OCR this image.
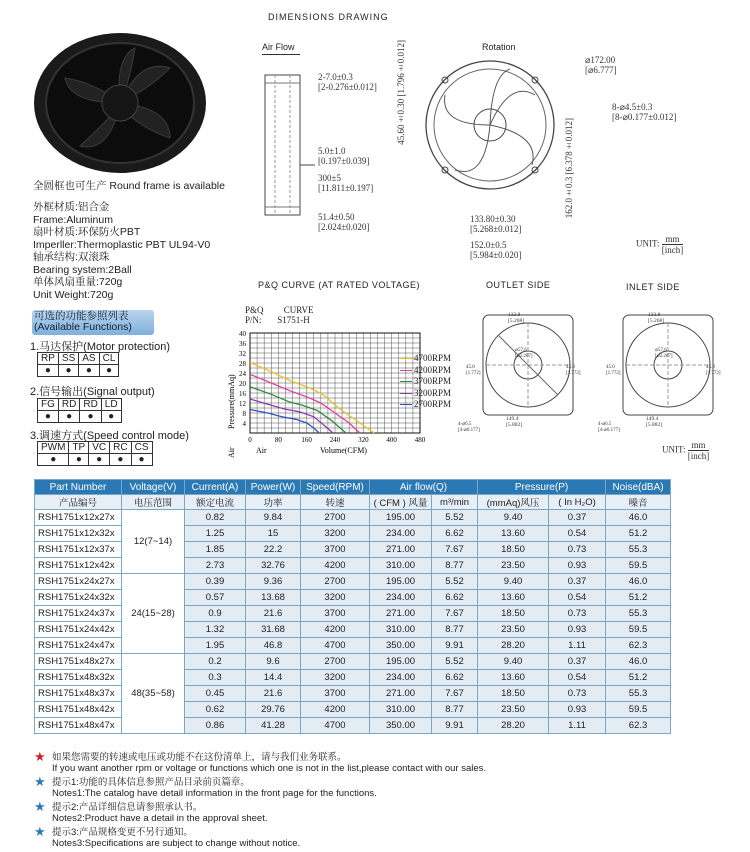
全圆框也可生产 Round frame is available
外框材质:铝合金
Frame:Aluminum
扇叶材质:环保防火PBT
Imperller:Thermoplastic PBT UL94-V0
轴承结构:双滚珠
Bearing system:2Ball
单体风扇重量:720g
Unit Weight:720g
可选的功能参照列表
(Available Functions)
1.马达保护(Motor protection)
RP	SS	AS	CL
●	●	●	●
2.信号输出(Signal output)
FG	RD	RD	LD
●	●	●	●
3.调速方式(Speed control mode)
PWM	TP	VC	RC	CS
●	●	●	●	●
DIMENSIONS DRAWING
Air Flow	Rotation
2-7.0±0.3
[2-0.276±0.012]
45.60±0.30 [1.796±0.012]	⌀172.00
[⌀6.777]
8-⌀4.5±0.3
[8-⌀0.177±0.012]
5.0±1.0
[0.197±0.039]
300±5
[11.811±0.197]	162.0±0.3 [6.378±0.012]
51.4±0.50
[2.024±0.020]
133.80±0.30
[5.268±0.012]
152.0±0.5
[5.984±0.020]
UNIT: mm
[inch]
P&Q CURVE (AT RATED VOLTAGE)
P&Q CURVE
P/N: S1751-H
4
8
12
16
20
24
28
32
36
40
0	80	160	240	320	400	480
Pressure(mmAq)
Air	Air	Volume(CFM)
4700RPM
4200RPM
3700RPM
3200RPM
2700RPM
OUTLET SIDE	INLET SIDE
133.8
[5.268]
149.4
[5.882]
4-⌀6.5
[4-⌀0.177]
45.0
[1.772]
45.0
[1.772]
⌀57.6
[⌀2.267]
133.8
[5.268]
149.4
[5.882]
4-⌀6.5
[4-⌀0.177]
45.0
[1.772]
45.0
[1.772]
⌀57.6
[⌀2.267]
UNIT: mm
[inch]
Part Number	Voltage(V)	Current(A)	Power(W)	Speed(RPM)	Air flow(Q)		Pressure(P)		Noise(dBA)
产品编号	电压范围	额定电流	功率	转速	( CFM ) 风量	m³/min	(mmAq)风压	( In H₂O)	噪音
RSH1751x12x27x	12(7~14)	0.82	9.84	2700	195.00	5.52	9.40	0.37	46.0
RSH1751x12x32x		1.25	15	3200	234.00	6.62	13.60	0.54	51.2
RSH1751x12x37x		1.85	22.2	3700	271.00	7.67	18.50	0.73	55.3
RSH1751x12x42x		2.73	32.76	4200	310.00	8.77	23.50	0.93	59.5
RSH1751x24x27x	24(15~28)	0.39	9.36	2700	195.00	5.52	9.40	0.37	46.0
RSH1751x24x32x		0.57	13.68	3200	234.00	6.62	13.60	0.54	51.2
RSH1751x24x37x		0.9	21.6	3700	271.00	7.67	18.50	0.73	55.3
RSH1751x24x42x		1.32	31.68	4200	310.00	8.77	23.50	0.93	59.5
RSH1751x24x47x		1.95	46.8	4700	350.00	9.91	28.20	1.11	62.3
RSH1751x48x27x	48(35~58)	0.2	9.6	2700	195.00	5.52	9.40	0.37	46.0
RSH1751x48x32x		0.3	14.4	3200	234.00	6.62	13.60	0.54	51.2
RSH1751x48x37x		0.45	21.6	3700	271.00	7.67	18.50	0.73	55.3
RSH1751x48x42x		0.62	29.76	4200	310.00	8.77	23.50	0.93	59.5
RSH1751x48x47x		0.86	41.28	4700	350.00	9.91	28.20	1.11	62.3
★ 如果您需要的转速或电压或功能不在这份清单上，请与我们业务联系。
If you want another rpm or voltage or functions which one is not in the list,please contact with our sales.
★ 提示1:功能的具体信息参照产品目录前页篇章。
Notes1:The catalog have detail information in the front page for the functions.
★ 提示2:产品详细信息请参照承认书。
Notes2:Product have a detail in the approval sheet.
★ 提示3:产品规格变更不另行通知。
Notes3:Specifications are subject to change without notice.
